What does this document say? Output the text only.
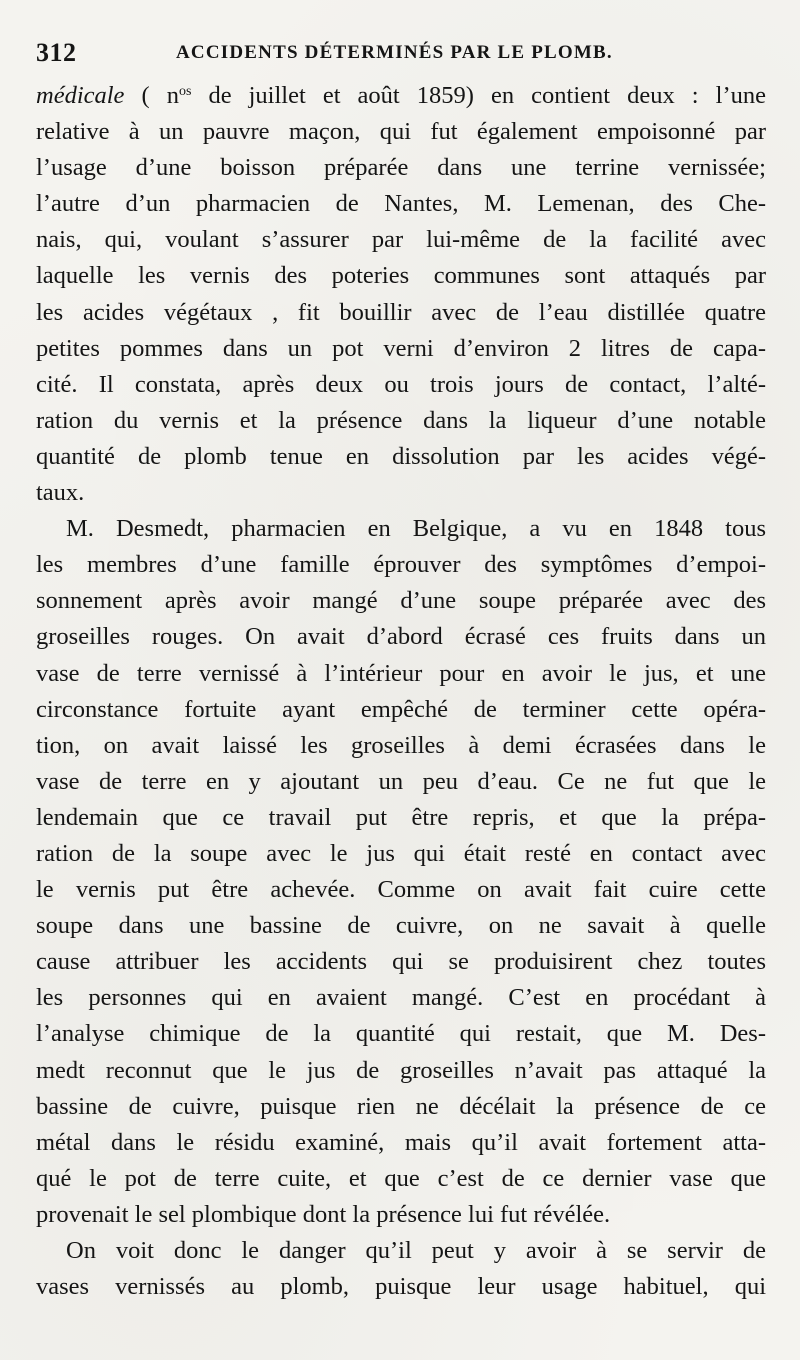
312	ACCIDENTS DÉTERMINÉS PAR LE PLOMB.
médicale ( $n^{os}$ de juillet et août 1859) en contient deux : l’une
relative à un pauvre maçon, qui fut également empoisonné par
l’usage d’une boisson préparée dans une terrine vernissée;
l’autre d’un pharmacien de Nantes, M. Lemenan, des Che-
nais, qui, voulant s’assurer par lui-même de la facilité avec
laquelle les vernis des poteries communes sont attaqués par
les acides végétaux , fit bouillir avec de l’eau distillée quatre
petites pommes dans un pot verni d’environ 2 litres de capa-
cité. Il constata, après deux ou trois jours de contact, l’alté-
ration du vernis et la présence dans la liqueur d’une notable
quantité de plomb tenue en dissolution par les acides végé-
taux.
M. Desmedt, pharmacien en Belgique, a vu en 1848 tous
les membres d’une famille éprouver des symptômes d’empoi-
sonnement après avoir mangé d’une soupe préparée avec des
groseilles rouges. On avait d’abord écrasé ces fruits dans un
vase de terre vernissé à l’intérieur pour en avoir le jus, et une
circonstance fortuite ayant empêché de terminer cette opéra-
tion, on avait laissé les groseilles à demi écrasées dans le
vase de terre en y ajoutant un peu d’eau. Ce ne fut que le
lendemain que ce travail put être repris, et que la prépa-
ration de la soupe avec le jus qui était resté en contact avec
le vernis put être achevée. Comme on avait fait cuire cette
soupe dans une bassine de cuivre, on ne savait à quelle
cause attribuer les accidents qui se produisirent chez toutes
les personnes qui en avaient mangé. C’est en procédant à
l’analyse chimique de la quantité qui restait, que M. Des-
medt reconnut que le jus de groseilles n’avait pas attaqué la
bassine de cuivre, puisque rien ne décélait la présence de ce
métal dans le résidu examiné, mais qu’il avait fortement atta-
qué le pot de terre cuite, et que c’est de ce dernier vase que
provenait le sel plombique dont la présence lui fut révélée.
On voit donc le danger qu’il peut y avoir à se servir de
vases vernissés au plomb, puisque leur usage habituel, qui
